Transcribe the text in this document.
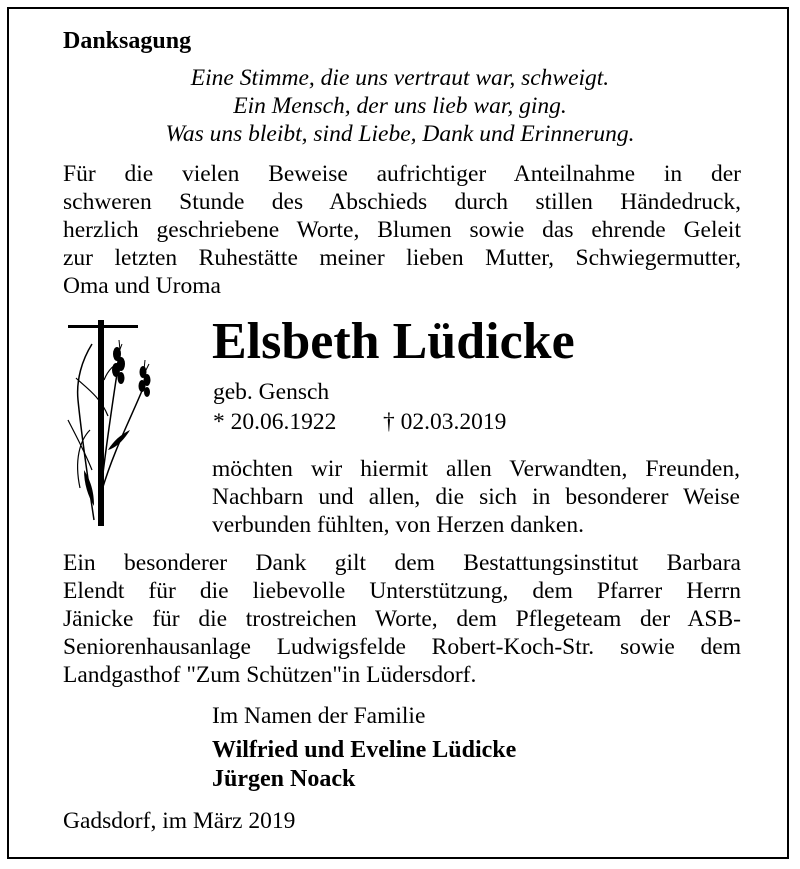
Danksagung
Eine Stimme, die uns vertraut war, schweigt.
Ein Mensch, der uns lieb war, ging.
Was uns bleibt, sind Liebe, Dank und Erinnerung.
Für die vielen Beweise aufrichtiger Anteilnahme in der
schweren Stunde des Abschieds durch stillen Händedruck,
herzlich geschriebene Worte, Blumen sowie das ehrende Geleit
zur letzten Ruhestätte meiner lieben Mutter, Schwiegermutter,
Oma und Uroma
Elsbeth Lüdicke
geb. Gensch
* 20.06.1922 † 02.03.2019
möchten wir hiermit allen Verwandten, Freunden,
Nachbarn und allen, die sich in besonderer Weise
verbunden fühlten, von Herzen danken.
Ein besonderer Dank gilt dem Bestattungsinstitut Barbara
Elendt für die liebevolle Unterstützung, dem Pfarrer Herrn
Jänicke für die trostreichen Worte, dem Pflegeteam der ASB-
Seniorenhausanlage Ludwigsfelde Robert-Koch-Str. sowie dem
Landgasthof "Zum Schützen"in Lüdersdorf.
Im Namen der Familie
Wilfried und Eveline Lüdicke
Jürgen Noack
Gadsdorf, im März 2019
